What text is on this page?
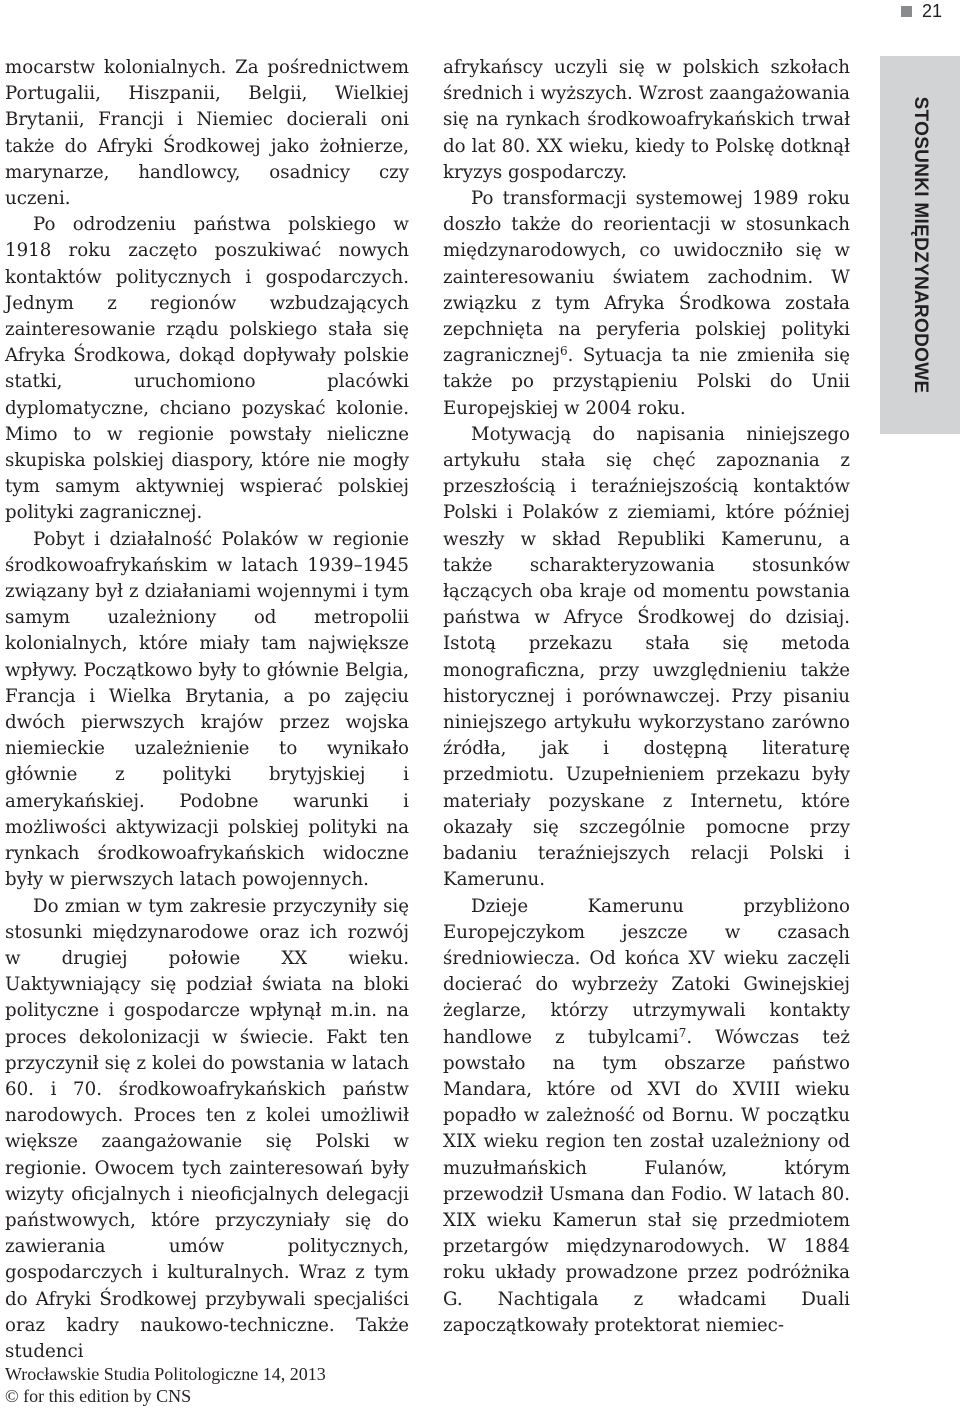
21
STOSUNKI MIĘDZYNARODOWE

mocarstw kolonialnych. Za pośrednictwem Portugalii, Hiszpanii, Belgii, Wielkiej Brytanii, Francji i Niemiec docierali oni także do Afryki Środkowej jako żołnierze, marynarze, handlowcy, osadnicy czy uczeni.

Po odrodzeniu państwa polskiego w 1918 roku zaczęto poszukiwać nowych kontaktów politycznych i gospodarczych. Jednym z regionów wzbudzających zainteresowanie rządu polskiego stała się Afryka Środkowa, dokąd dopływały polskie statki, uruchomiono placówki dyplomatyczne, chciano pozyskać kolonie. Mimo to w regionie powstały nieliczne skupiska polskiej diaspory, które nie mogły tym samym aktywniej wspierać polskiej polityki zagranicznej.

Pobyt i działalność Polaków w regionie środkowoafrykańskim w latach 1939–1945 związany był z działaniami wojennymi i tym samym uzależniony od metropolii kolonialnych, które miały tam największe wpływy. Początkowo były to głównie Belgia, Francja i Wielka Brytania, a po zajęciu dwóch pierwszych krajów przez wojska niemieckie uzależnienie to wynikało głównie z polityki brytyjskiej i amerykańskiej. Podobne warunki i możliwości aktywizacji polskiej polityki na rynkach środkowoafrykańskich widoczne były w pierwszych latach powojennych.

Do zmian w tym zakresie przyczyniły się stosunki międzynarodowe oraz ich rozwój w drugiej połowie XX wieku. Uaktywniający się podział świata na bloki polityczne i gospodarcze wpłynął m.in. na proces dekolonizacji w świecie. Fakt ten przyczynił się z kolei do powstania w latach 60. i 70. środkowoafrykańskich państw narodowych. Proces ten z kolei umożliwił większe zaangażowanie się Polski w regionie. Owocem tych zainteresowań były wizyty oficjalnych i nieoficjalnych delegacji państwowych, które przyczyniały się do zawierania umów politycznych, gospodarczych i kulturalnych. Wraz z tym do Afryki Środkowej przybywali specjaliści oraz kadry naukowo-techniczne. Także studenci

afrykańscy uczyli się w polskich szkołach średnich i wyższych. Wzrost zaangażowania się na rynkach środkowoafrykańskich trwał do lat 80. XX wieku, kiedy to Polskę dotknął kryzys gospodarczy.

Po transformacji systemowej 1989 roku doszło także do reorientacji w stosunkach międzynarodowych, co uwidoczniło się w zainteresowaniu światem zachodnim. W związku z tym Afryka Środkowa została zepchnięta na peryferia polskiej polityki zagranicznej$^6$. Sytuacja ta nie zmieniła się także po przystąpieniu Polski do Unii Europejskiej w 2004 roku.

Motywacją do napisania niniejszego artykułu stała się chęć zapoznania z przeszłością i teraźniejszością kontaktów Polski i Polaków z ziemiami, które później weszły w skład Republiki Kamerunu, a także scharakteryzowania stosunków łączących oba kraje od momentu powstania państwa w Afryce Środkowej do dzisiaj. Istotą przekazu stała się metoda monograficzna, przy uwzględnieniu także historycznej i porównawczej. Przy pisaniu niniejszego artykułu wykorzystano zarówno źródła, jak i dostępną literaturę przedmiotu. Uzupełnieniem przekazu były materiały pozyskane z Internetu, które okazały się szczególnie pomocne przy badaniu teraźniejszych relacji Polski i Kamerunu.

Dzieje Kamerunu przybliżono Europejczykom jeszcze w czasach średniowiecza. Od końca XV wieku zaczęli docierać do wybrzeży Zatoki Gwinejskiej żeglarze, którzy utrzymywali kontakty handlowe z tubylcami$^7$. Wówczas też powstało na tym obszarze państwo Mandara, które od XVI do XVIII wieku popadło w zależność od Bornu. W początku XIX wieku region ten został uzależniony od muzułmańskich Fulanów, którym przewodził Usmana dan Fodio. W latach 80. XIX wieku Kamerun stał się przedmiotem przetargów międzynarodowych. W 1884 roku układy prowadzone przez podróżnika G. Nachtigala z władcami Duali zapoczątkowały protektorat niemiec-

Wrocławskie Studia Politologiczne 14, 2013
© for this edition by CNS
